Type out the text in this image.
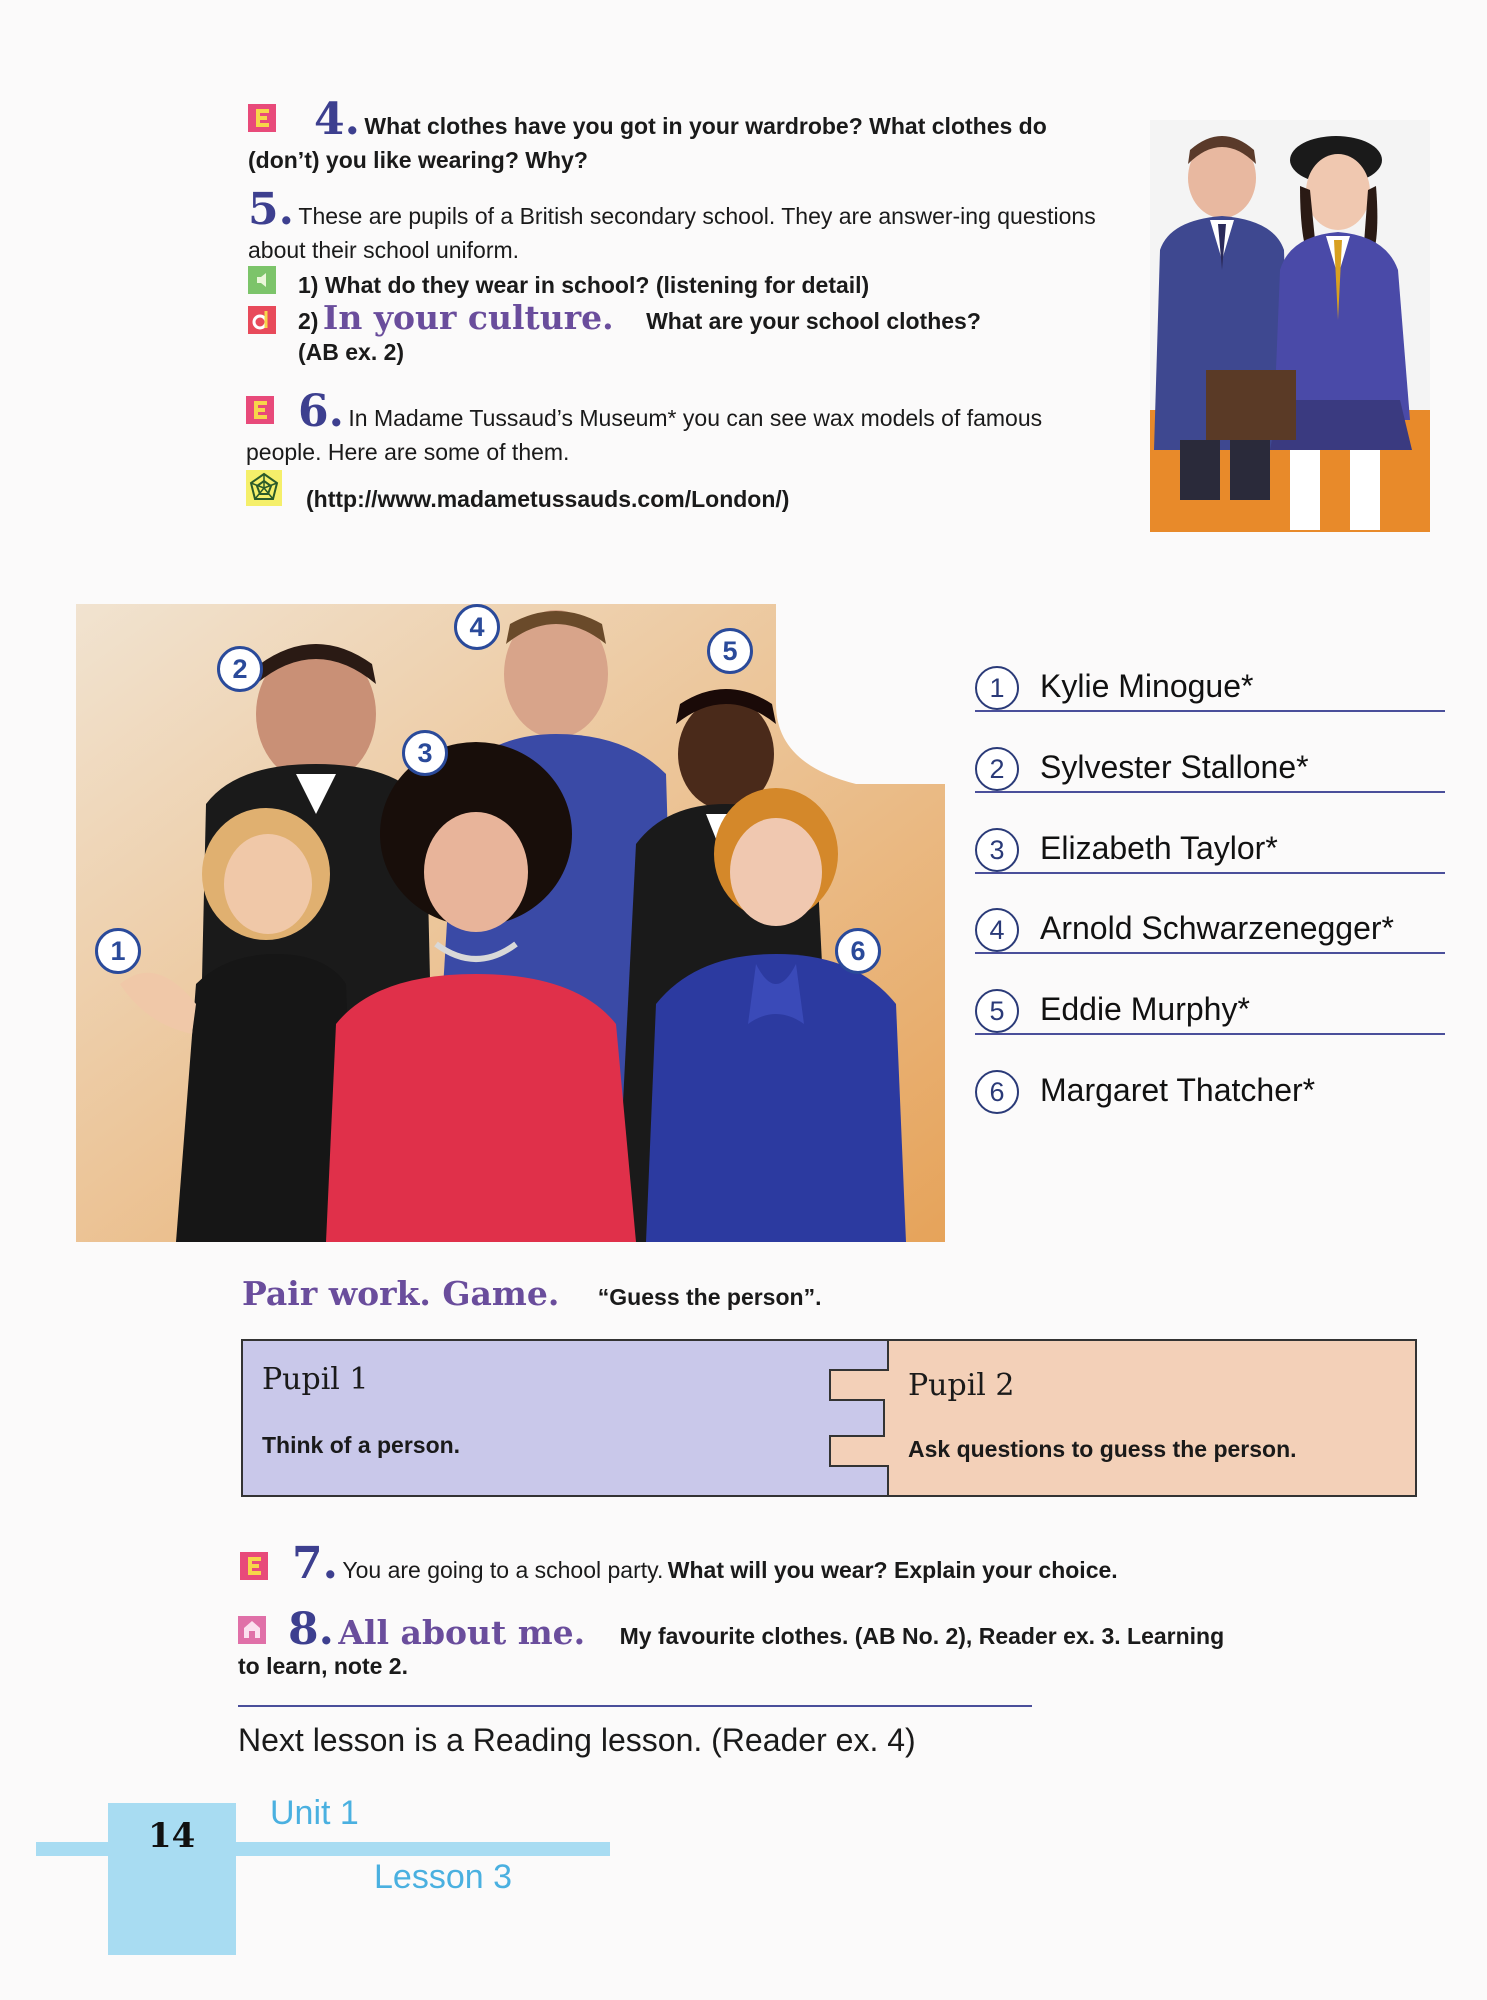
4. What clothes have you got in your wardrobe? What clothes do (don’t) you like wearing? Why?
5. These are pupils of a British secondary school. They are answer-ing questions about their school uniform.
1) What do they wear in school? (listening for detail)
2) In your culture. What are your school clothes?
(AB ex. 2)
6. In Madame Tussaud’s Museum* you can see wax models of famous people. Here are some of them.
(http://www.madametussauds.com/London/)
1
2
3
4
5
6
1	Kylie Minogue*
2	Sylvester Stallone*
3	Elizabeth Taylor*
4	Arnold Schwarzenegger*
5	Eddie Murphy*
6	Margaret Thatcher*
Pair work. Game. “Guess the person”.
Pupil 1
Think of a person.
Pupil 2
Ask questions to guess the person.
7. You are going to a school party. What will you wear? Explain your choice.
8. All about me. My favourite clothes. (AB No. 2), Reader ex. 3. Learning
to learn, note 2.
Next lesson is a Reading lesson. (Reader ex. 4)
14
Unit 1
Lesson 3
